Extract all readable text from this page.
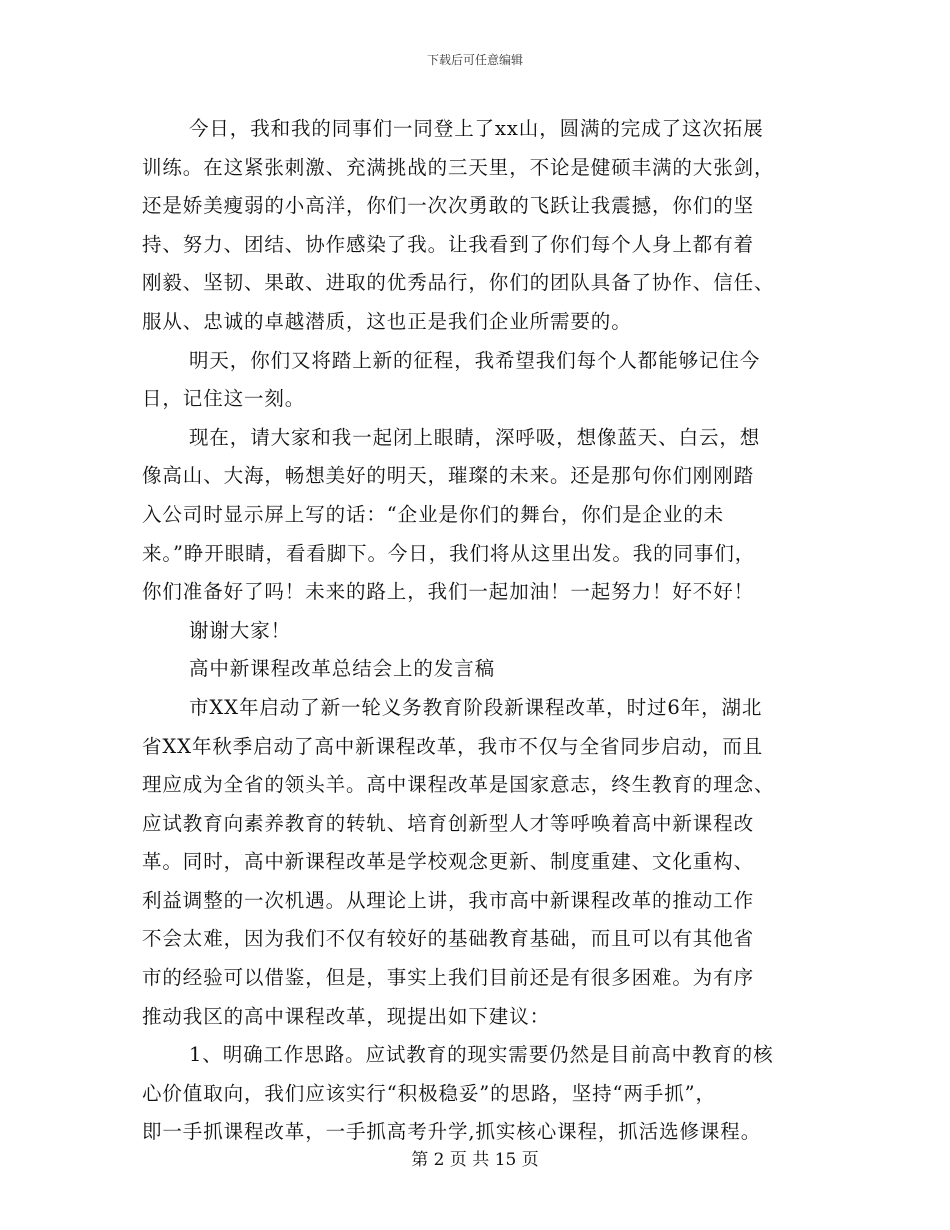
下载后可任意编辑
今日，我和我的同事们一同登上了xx山，圆满的完成了这次拓展
训练。在这紧张刺激、充满挑战的三天里，不论是健硕丰满的大张剑，
还是娇美瘦弱的小高洋，你们一次次勇敢的飞跃让我震撼，你们的坚
持、努力、团结、协作感染了我。让我看到了你们每个人身上都有着
刚毅、坚韧、果敢、进取的优秀品行，你们的团队具备了协作、信任、
服从、忠诚的卓越潜质，这也正是我们企业所需要的。
明天，你们又将踏上新的征程，我希望我们每个人都能够记住今
日，记住这一刻。
现在，请大家和我一起闭上眼睛，深呼吸，想像蓝天、白云，想
像高山、大海，畅想美好的明天，璀璨的未来。还是那句你们刚刚踏
入公司时显示屏上写的话：“企业是你们的舞台，你们是企业的未
来。”睁开眼睛，看看脚下。今日，我们将从这里出发。我的同事们，
你们准备好了吗！未来的路上，我们一起加油！一起努力！好不好！
谢谢大家！
高中新课程改革总结会上的发言稿
市XX年启动了新一轮义务教育阶段新课程改革，时过6年，湖北
省XX年秋季启动了高中新课程改革，我市不仅与全省同步启动，而且
理应成为全省的领头羊。高中课程改革是国家意志，终生教育的理念、
应试教育向素养教育的转轨、培育创新型人才等呼唤着高中新课程改
革。同时，高中新课程改革是学校观念更新、制度重建、文化重构、
利益调整的一次机遇。从理论上讲，我市高中新课程改革的推动工作
不会太难，因为我们不仅有较好的基础教育基础，而且可以有其他省
市的经验可以借鉴，但是，事实上我们目前还是有很多困难。为有序
推动我区的高中课程改革，现提出如下建议：
1、明确工作思路。应试教育的现实需要仍然是目前高中教育的核
心价值取向，我们应该实行“积极稳妥”的思路，坚持“两手抓”，
即一手抓课程改革，一手抓高考升学,抓实核心课程，抓活选修课程。
第 2 页 共 15 页
